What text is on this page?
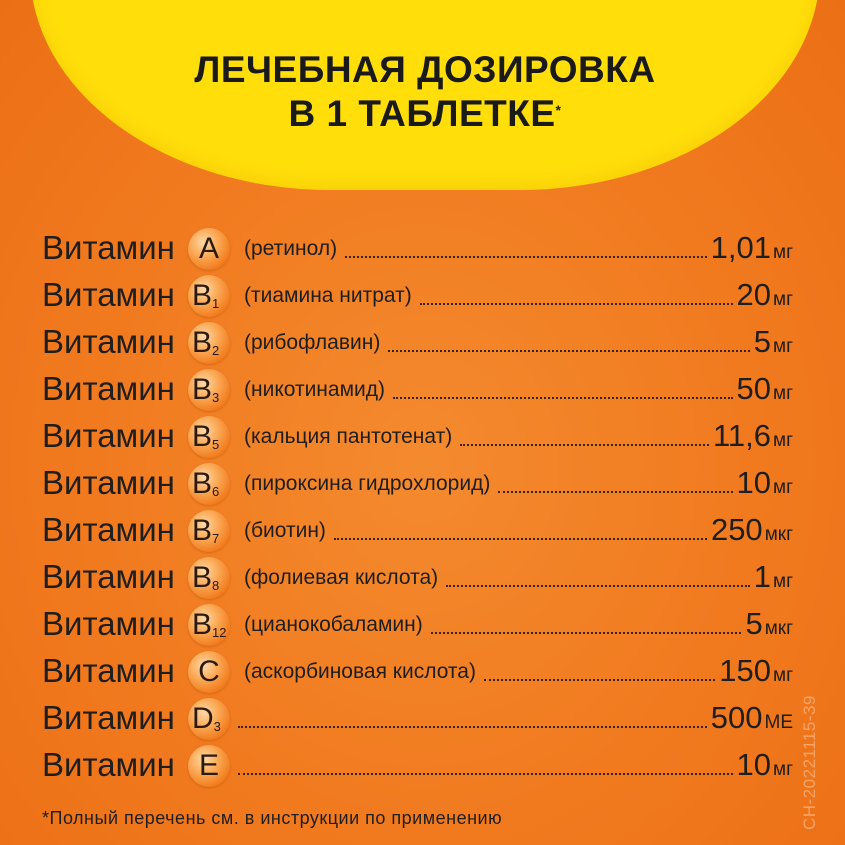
ЛЕЧЕБНАЯ ДОЗИРОВКА
В 1 ТАБЛЕТКЕ*
Витамин A	(ретинол)	1,01 мг
Витамин B1	(тиамина нитрат)	20 мг
Витамин B2	(рибофлавин)	5 мг
Витамин B3	(никотинамид)	50 мг
Витамин B5	(кальция пантотенат)	11,6 мг
Витамин B6	(пироксина гидрохлорид)	10 мг
Витамин B7	(биотин)	250 мкг
Витамин B8	(фолиевая кислота)	1 мг
Витамин B12 (цианокобаламин)	5 мкг
Витамин C	(аскорбиновая кислота)	150 мг
Витамин D3	500 МЕ
Витамин E	10 мг
*Полный перечень см. в инструкции по применению	СН-20221115-39
